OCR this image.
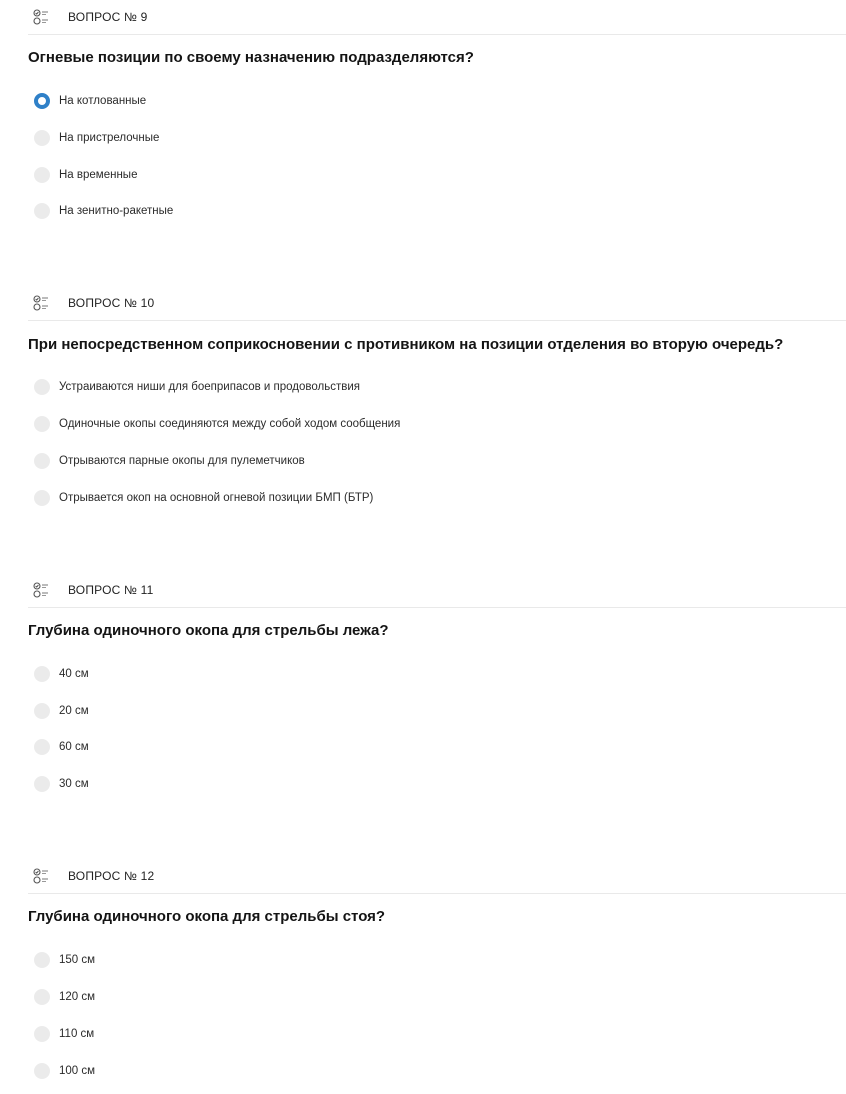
ВОПРОС № 9
Огневые позиции по своему назначению подразделяются?
На котлованные
На пристрелочные
На временные
На зенитно-ракетные
ВОПРОС № 10
При непосредственном соприкосновении с противником на позиции отделения во вторую очередь?
Устраиваются ниши для боеприпасов и продовольствия
Одиночные окопы соединяются между собой ходом сообщения
Отрываются парные окопы для пулеметчиков
Отрывается окоп на основной огневой позиции БМП (БТР)
ВОПРОС № 11
Глубина одиночного окопа для стрельбы лежа?
40 см
20 см
60 см
30 см
ВОПРОС № 12
Глубина одиночного окопа для стрельбы стоя?
150 см
120 см
110 см
100 см
